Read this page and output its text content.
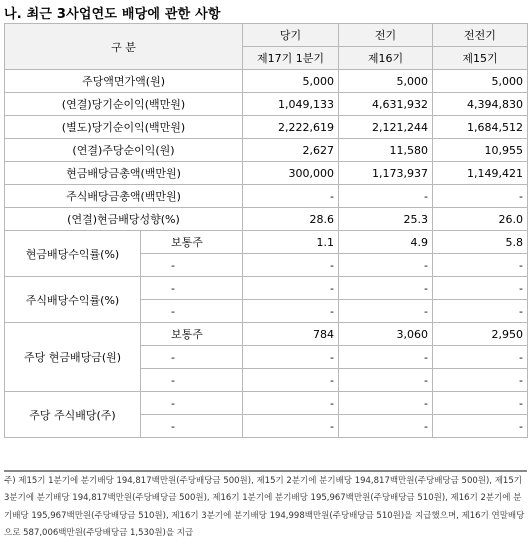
나. 최근 3사업연도 배당에 관한 사항
구 분		당기	전기	전전기
		제17기 1분기	제16기	제15기
주당액면가액(원)		5,000	5,000	5,000
(연결)당기순이익(백만원)		1,049,133	4,631,932	4,394,830
(별도)당기순이익(백만원)		2,222,619	2,121,244	1,684,512
(연결)주당순이익(원)		2,627	11,580	10,955
현금배당금총액(백만원)		300,000	1,173,937	1,149,421
주식배당금총액(백만원)		-	-	-
(연결)현금배당성향(%)		28.6	25.3	26.0
현금배당수익률(%)	보통주	1.1	4.9	5.8
	-	-	-	-
주식배당수익률(%)	-	-	-	-
	-	-	-	-
주당 현금배당금(원)	보통주	784	3,060	2,950
	-	-	-	-
	-	-	-	-
주당 주식배당(주)	-	-	-	-
	-	-	-	-
주) 제15기 1분기에 분기배당 194,817백만원(주당배당금 500원), 제15기 2분기에 분기배당 194,817백만원(주당배당금 500원), 제15기 3분기에 분기배당 194,817백만원(주당배당금 500원), 제16기 1분기에 분기배당 195,967백만원(주당배당금 510원), 제16기 2분기에 분기배당 195,967백만원(주당배당금 510원), 제16기 3분기에 분기배당 194,998백만원(주당배당금 510원)을 지급했으며, 제16기 연말배당으로 587,006백만원(주당배당금 1,530원)을 지급
